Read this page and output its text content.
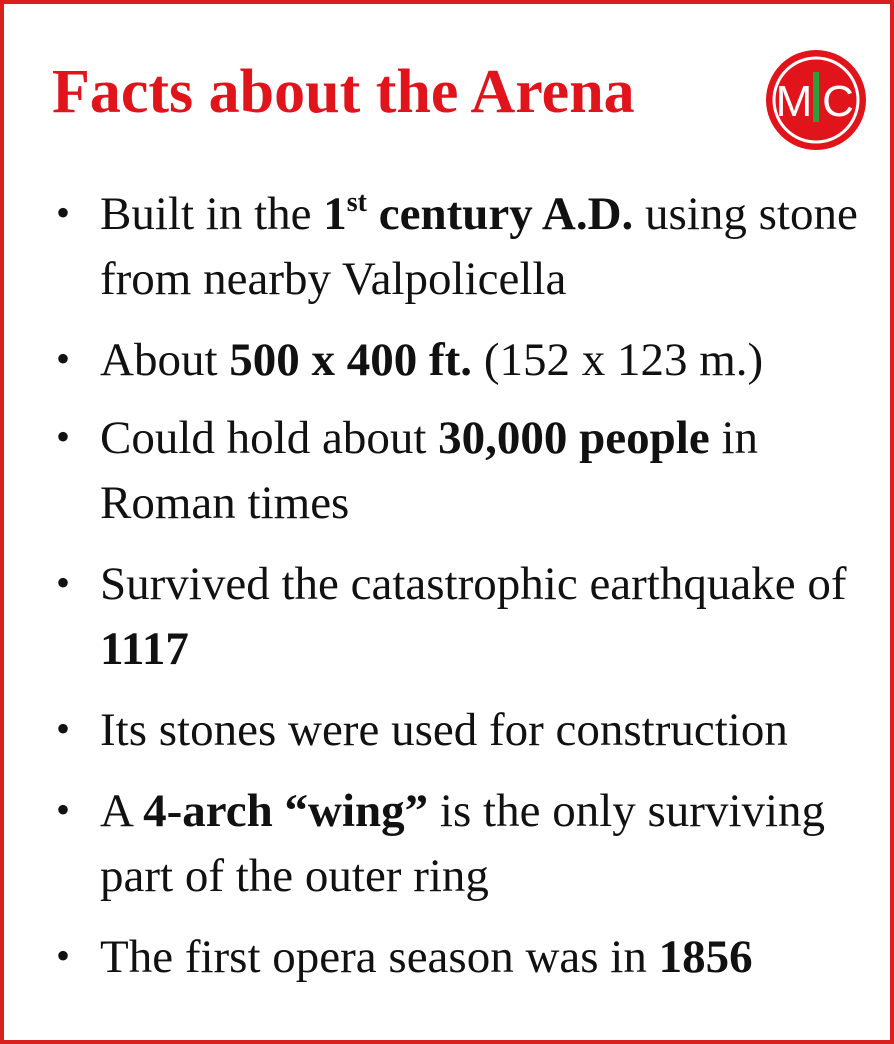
Facts about the Arena	M C
• Built in the 1st century A.D. using stone from nearby Valpolicella
• About 500 x 400 ft. (152 x 123 m.)
• Could hold about 30,000 people in Roman times
• Survived the catastrophic earthquake of 1117
• Its stones were used for construction
• A 4-arch “wing” is the only surviving part of the outer ring
• The first opera season was in 1856
